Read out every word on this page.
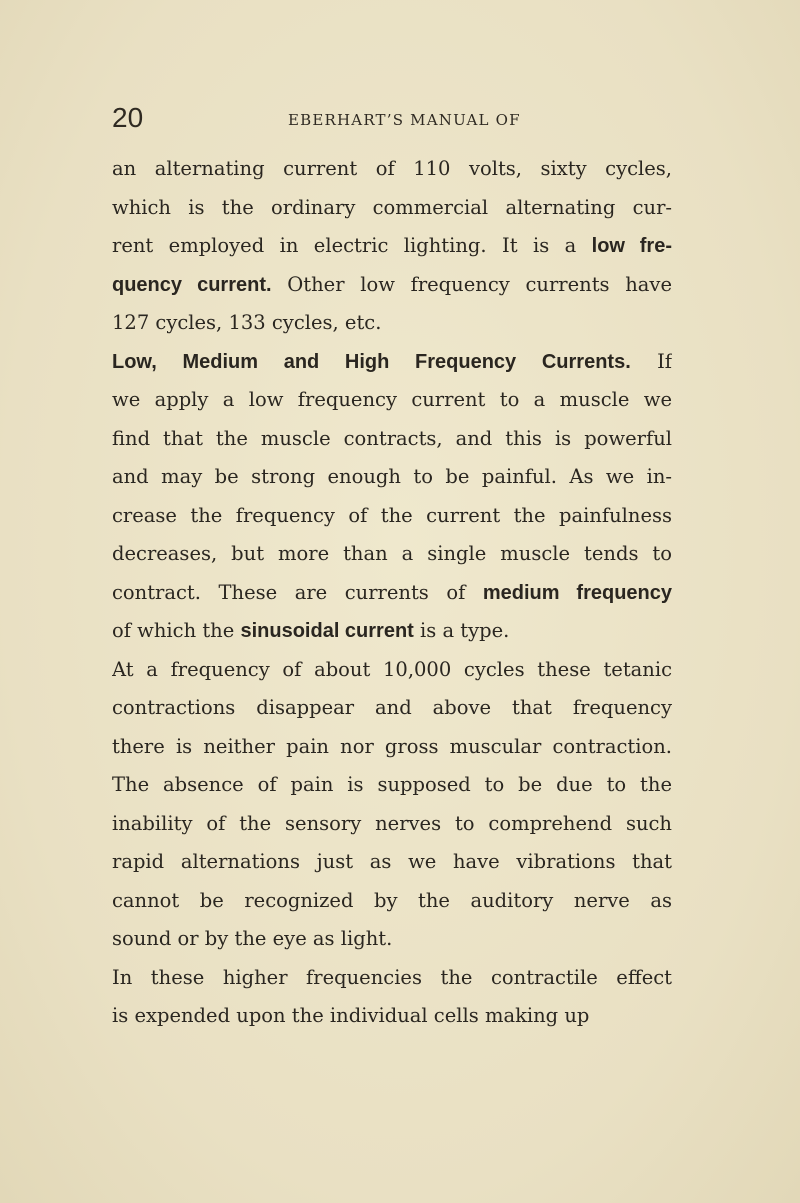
20	EBERHART’S MANUAL OF
an alternating current of 110 volts, sixty cycles,
which is the ordinary commercial alternating cur-
rent employed in electric lighting. It is a low fre-
quency current. Other low frequency currents have
127 cycles, 133 cycles, etc.
Low, Medium and High Frequency Currents. If
we apply a low frequency current to a muscle we
find that the muscle contracts, and this is powerful
and may be strong enough to be painful. As we in-
crease the frequency of the current the painfulness
decreases, but more than a single muscle tends to
contract. These are currents of medium frequency
of which the sinusoidal current is a type.
At a frequency of about 10,000 cycles these tetanic
contractions disappear and above that frequency
there is neither pain nor gross muscular contraction.
The absence of pain is supposed to be due to the
inability of the sensory nerves to comprehend such
rapid alternations just as we have vibrations that
cannot be recognized by the auditory nerve as
sound or by the eye as light.
In these higher frequencies the contractile effect
is expended upon the individual cells making up
